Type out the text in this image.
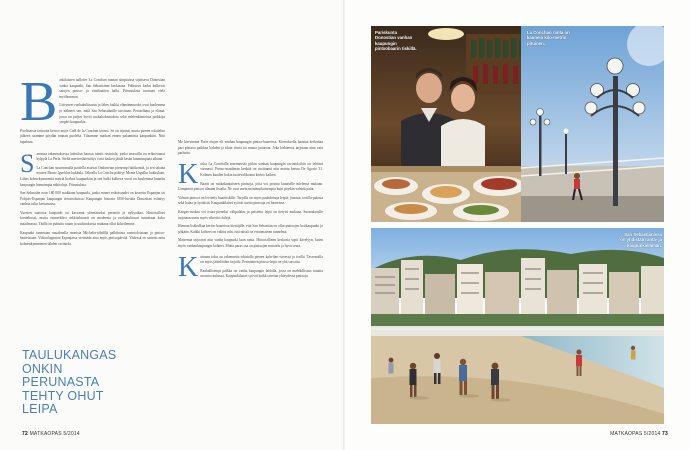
B askilaisten aallofee La Conchan rannan siinpiuissa sijaitseva Donostian vanha kaupunki, San Sebastiánin keskustaa. Pikkuiset kadut kulkevat satojen pintxo- ja viinibaarien halki. Piirustuksia tavataan vielä myöhemmin.

Liittyneet ruokakulttuurin ja lähes kaikki elämänmuodot ovat kuulemma jo nähneet sen, mitä San Sebastiánille tarvitaan. Peruselämä ja elämä, jossa on paljon hyviä ruokakokemuksia sekä mielenkiintoisia paikkoja ympäri kaupunkia.

Puolittaisia tarinoita kertoo myös Café de la Conchan terassi. Se on täynnä, mutta pienen odottelun jälkeen saamme pöydän rannan puolelta. Tilaamme markan ennen palaamista kaupunkiin. Niin tapahtuu.

S amassa rakennuksessa kahvilan kanssa toimii ravintola, jonka terassilla on erikoistunut kylpylä La Perla. Sieltä merivesikierrätys voisi kaiketi jäädä kesän kuumimpana aikana.

La Conchan suurimmalla puolella asuivat Ondarretan pienempi biitikenttä, ja sen takana nousee Monte Igueldon kukkula. Oikealla La Concha päättyy Monte Urgullin kukkulaan. Lähes kolmekymmentä metriä korkea kaupunkiin ja sen halki kulkeva vuori on kuulemma kauniin kaupungin hienoimpia näköaloja. Piirustuksia.

San Sebastián noin 180 000 asukkaan kaupunki, jonka monet erikoisuudet on kerrottu Espanjan tai Pohjois-Espanjan kaupungin tietoteoksissa. Kaupungin historia 1850-luvulta Donostian esiintyy vanhaa taloa kertomassa.

Vuosien saatossa kaupunki on kasvanut yhtenäiseksi perintöä ja nykyaikaa. Historialliset kortteliosat, mutta esimerkiksi arkkitehtuurit on modernia ja ruokakulttuuri tunnetaan koko maailmassa. Täällä on puhuttu ruuan ja uudistuksista mukana ollut kokeilemme.

Kaupunki tunnetaan maailmalla monista Michelin-tähdillä palkituista ravintoloistaan ja pintxo-baareistaan. Viikonloppuina Espanjassa vietetään aina myös pintxopäivää. Yhdessä on sanottu noin kolmenkymmenen tähden ravintola.

TAULUKANGAS ONKIN PERUNASTA TEHTY OHUT LEIPA

Me kiersimme Porte etujen eli vanhan kaupungin pintxo-baareissa. Kierroksella haastaa kerkuttaa pari pintxoa paikkaa kohden ja tilata viiniä tai muuta juotavaa. Joka kohteessa tarjotaan aina vain parhaita.

K oska La Conchalla merimetsää pitkin vanhan kaupungin ravintoloihin on tehtävä varmasti. Pintxo-maailman kenkää on osoittanut niin monta kertaa De Agosto 31. Kolmen kuuden kokin tuotevalikoima kertoo kaiken.

Baarit on ruokakuntoiseen pintxoja, joita voi poimia lautaselle mielensä mukaan. Lämpimät pintxot tilataan listalta. Ne ovat usein monimutkaisempia kuin pöydän valmiit palat.

Valmiit pintxot on levitetty baaritiskille. Tarjolla on myös paahdettuja leipiä, juustoa, tortilla-palasia sekä kalaa ja äyriäisiä. Kaupunkilaiset syövät useita pintxoja eri baareissa.

Kangas-ruokaa voi ostaa pieneksi välipalaksi ja paistettu leipä on tietysti mukana. Suomalaisille tarjotaan usein myös vihreitä chilejä.

Hieman lisäkulkua kertoo baareissa kiertäjille, että San Sebastián on ollut pintxojen kotikaupunki jo pitkään. Kaikki kohteet on valittu niin, että niissä on erinomainen tunnelma.

Maisemia tarjoavat niin vanha kaupunki kuin ranta. Historiallinen keskusta sopii kävelyyn, kuten myös vanhankaupungin kohteet. Mutta paras osa on pintxojen maistelu ja hyvä seura.

K uinaan taloa on rakennettu edustalla pienen kahvilan vieressä ja torilla. Tavernoilla on myös jäätelöiden tarjoilu. Perinteinen pintxo-leipä on yhä suosittu.

Rauhallisempi paikka on vanha kaupungin laidalla, jossa on mahdollisuus nauttia ruoasta rauhassa. Kaupunkilaiset syövät kaikki aterian yhteydessä pintxoja.

72 MATKAOPAS 5/2014
Pariskunta Donostian vanhan kaupungin pintxobaarin tiskillä.
La Conchan ranta on kaunein kilo-metrin pituinen.
San Sebastiánissa on yhdistää ranta- ja kaupunkielämän.
MATKAOPAS 5/2014 73
